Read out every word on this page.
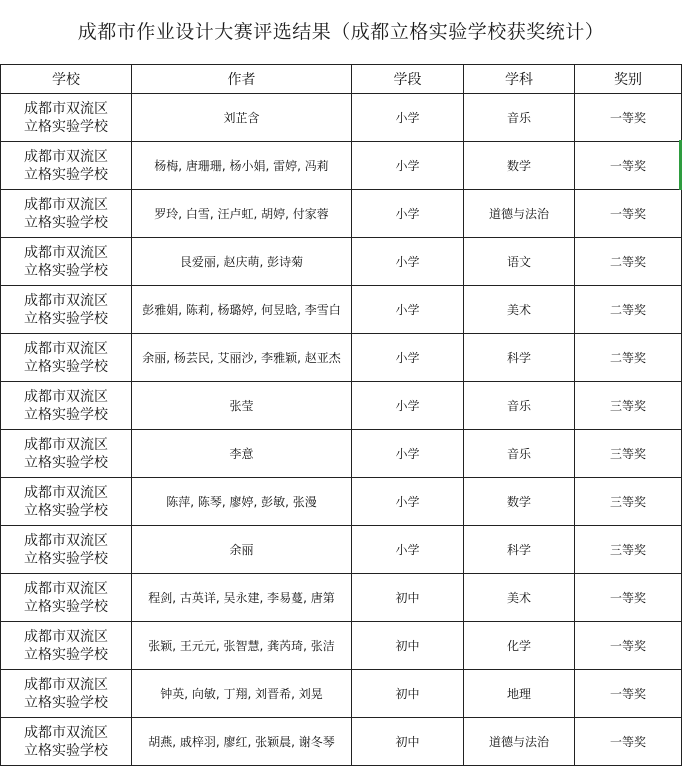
成都市作业设计大赛评选结果（成都立格实验学校获奖统计）
学校	作者	学段	学科	奖别

成都市双流区
立格实验学校	刘芷含	小学	音乐	一等奖

成都市双流区
立格实验学校	杨梅, 唐珊珊, 杨小娟, 雷婷, 冯莉	小学	数学	一等奖

成都市双流区
立格实验学校	罗玲, 白雪, 汪卢虹, 胡婷, 付家蓉	小学	道德与法治	一等奖

成都市双流区
立格实验学校	艮爱丽, 赵庆萌, 彭诗菊	小学	语文	二等奖

成都市双流区
立格实验学校	彭雅娟, 陈莉, 杨璐婷, 何昱晗, 李雪白	小学	美术	二等奖

成都市双流区
立格实验学校	余丽, 杨芸民, 艾丽沙, 李雅颖, 赵亚杰	小学	科学	二等奖

成都市双流区
立格实验学校	张莹	小学	音乐	三等奖

成都市双流区
立格实验学校	李意	小学	音乐	三等奖

成都市双流区
立格实验学校	陈萍, 陈琴, 廖婷, 彭敏, 张漫	小学	数学	三等奖

成都市双流区
立格实验学校	余丽	小学	科学	三等奖

成都市双流区
立格实验学校	程剑, 古英详, 吴永建, 李易蔓, 唐第	初中	美术	一等奖

成都市双流区
立格实验学校	张颖, 王元元, 张智慧, 龚芮琦, 张洁	初中	化学	一等奖

成都市双流区
立格实验学校	钟英, 向敏, 丁翔, 刘晋希, 刘晃	初中	地理	一等奖

成都市双流区
立格实验学校	胡燕, 戚梓羽, 廖红, 张颖晨, 谢冬琴	初中	道德与法治	一等奖
